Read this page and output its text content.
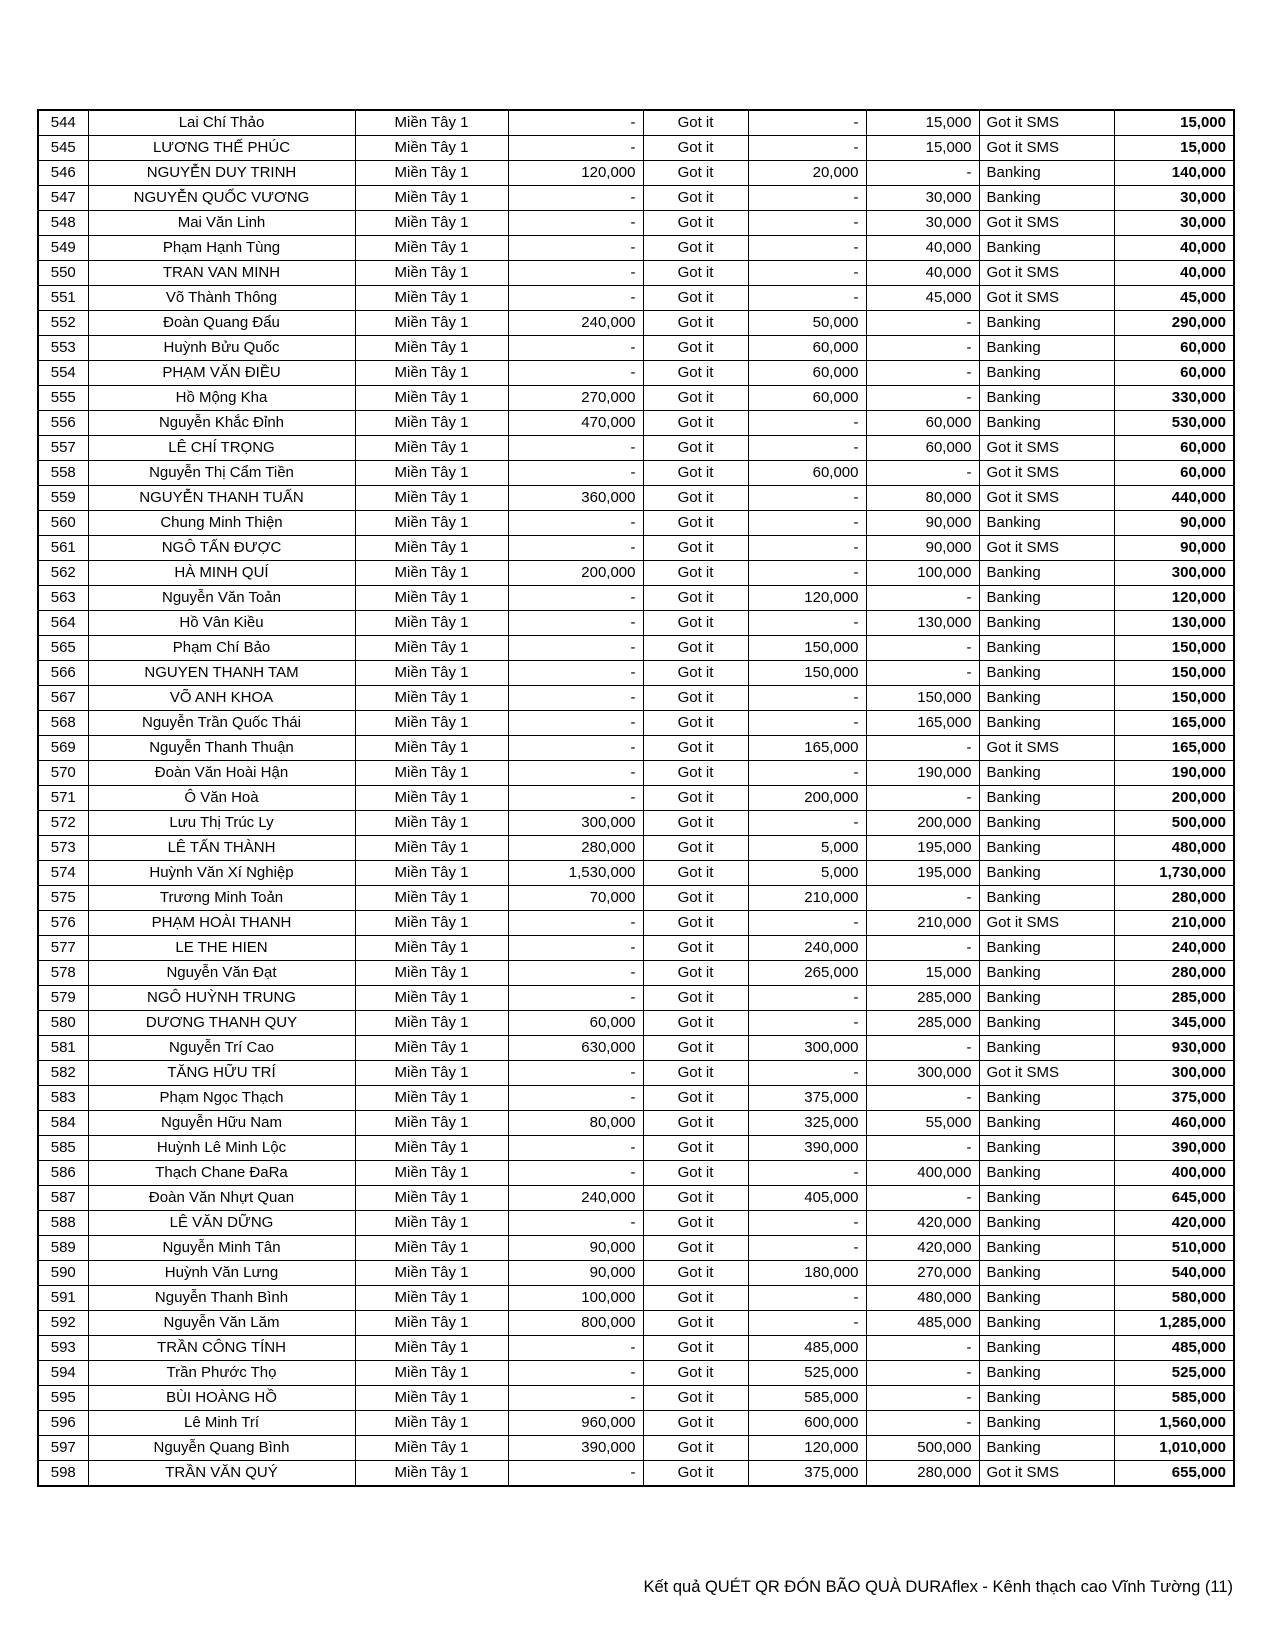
544	Lai Chí Thảo	Miền Tây 1	-	Got it	-	15,000	Got it SMS	15,000
545	LƯƠNG THẾ PHÚC	Miền Tây 1	-	Got it	-	15,000	Got it SMS	15,000
546	NGUYỄN DUY TRINH	Miền Tây 1	120,000	Got it	20,000	-	Banking	140,000
547	NGUYỄN QUỐC VƯƠNG	Miền Tây 1	-	Got it	-	30,000	Banking	30,000
548	Mai Văn Linh	Miền Tây 1	-	Got it	-	30,000	Got it SMS	30,000
549	Phạm Hạnh Tùng	Miền Tây 1	-	Got it	-	40,000	Banking	40,000
550	TRAN VAN MINH	Miền Tây 1	-	Got it	-	40,000	Got it SMS	40,000
551	Võ Thành Thông	Miền Tây 1	-	Got it	-	45,000	Got it SMS	45,000
552	Đoàn Quang Đẩu	Miền Tây 1	240,000	Got it	50,000	-	Banking	290,000
553	Huỳnh Bửu Quốc	Miền Tây 1	-	Got it	60,000	-	Banking	60,000
554	PHẠM VĂN ĐIỀU	Miền Tây 1	-	Got it	60,000	-	Banking	60,000
555	Hồ Mộng Kha	Miền Tây 1	270,000	Got it	60,000	-	Banking	330,000
556	Nguyễn Khắc Đỉnh	Miền Tây 1	470,000	Got it	-	60,000	Banking	530,000
557	LÊ CHÍ TRỌNG	Miền Tây 1	-	Got it	-	60,000	Got it SMS	60,000
558	Nguyễn Thị Cẩm Tiền	Miền Tây 1	-	Got it	60,000	-	Got it SMS	60,000
559	NGUYỄN THANH TUẤN	Miền Tây 1	360,000	Got it	-	80,000	Got it SMS	440,000
560	Chung Minh Thiện	Miền Tây 1	-	Got it	-	90,000	Banking	90,000
561	NGÔ TẤN ĐƯỢC	Miền Tây 1	-	Got it	-	90,000	Got it SMS	90,000
562	HÀ MINH QUÍ	Miền Tây 1	200,000	Got it	-	100,000	Banking	300,000
563	Nguyễn Văn Toản	Miền Tây 1	-	Got it	120,000	-	Banking	120,000
564	Hồ Vân Kiều	Miền Tây 1	-	Got it	-	130,000	Banking	130,000
565	Phạm Chí Bảo	Miền Tây 1	-	Got it	150,000	-	Banking	150,000
566	NGUYEN THANH TAM	Miền Tây 1	-	Got it	150,000	-	Banking	150,000
567	VÕ ANH KHOA	Miền Tây 1	-	Got it	-	150,000	Banking	150,000
568	Nguyễn Trần Quốc Thái	Miền Tây 1	-	Got it	-	165,000	Banking	165,000
569	Nguyễn Thanh Thuận	Miền Tây 1	-	Got it	165,000	-	Got it SMS	165,000
570	Đoàn Văn Hoài Hận	Miền Tây 1	-	Got it	-	190,000	Banking	190,000
571	Ô Văn Hoà	Miền Tây 1	-	Got it	200,000	-	Banking	200,000
572	Lưu Thị Trúc Ly	Miền Tây 1	300,000	Got it	-	200,000	Banking	500,000
573	LÊ TẤN THÀNH	Miền Tây 1	280,000	Got it	5,000	195,000	Banking	480,000
574	Huỳnh Văn Xí Nghiệp	Miền Tây 1	1,530,000	Got it	5,000	195,000	Banking	1,730,000
575	Trương Minh Toản	Miền Tây 1	70,000	Got it	210,000	-	Banking	280,000
576	PHẠM HOÀI THANH	Miền Tây 1	-	Got it	-	210,000	Got it SMS	210,000
577	LE THE HIEN	Miền Tây 1	-	Got it	240,000	-	Banking	240,000
578	Nguyễn Văn Đạt	Miền Tây 1	-	Got it	265,000	15,000	Banking	280,000
579	NGÔ HUỲNH TRUNG	Miền Tây 1	-	Got it	-	285,000	Banking	285,000
580	DƯƠNG THANH QUY	Miền Tây 1	60,000	Got it	-	285,000	Banking	345,000
581	Nguyễn Trí Cao	Miền Tây 1	630,000	Got it	300,000	-	Banking	930,000
582	TĂNG HỮU TRÍ	Miền Tây 1	-	Got it	-	300,000	Got it SMS	300,000
583	Phạm Ngọc Thạch	Miền Tây 1	-	Got it	375,000	-	Banking	375,000
584	Nguyễn Hữu Nam	Miền Tây 1	80,000	Got it	325,000	55,000	Banking	460,000
585	Huỳnh Lê Minh Lộc	Miền Tây 1	-	Got it	390,000	-	Banking	390,000
586	Thạch Chane ĐaRa	Miền Tây 1	-	Got it	-	400,000	Banking	400,000
587	Đoàn Văn Nhựt Quan	Miền Tây 1	240,000	Got it	405,000	-	Banking	645,000
588	LÊ VĂN DỮNG	Miền Tây 1	-	Got it	-	420,000	Banking	420,000
589	Nguyễn Minh Tân	Miền Tây 1	90,000	Got it	-	420,000	Banking	510,000
590	Huỳnh Văn Lưng	Miền Tây 1	90,000	Got it	180,000	270,000	Banking	540,000
591	Nguyễn Thanh Bình	Miền Tây 1	100,000	Got it	-	480,000	Banking	580,000
592	Nguyễn Văn Lăm	Miền Tây 1	800,000	Got it	-	485,000	Banking	1,285,000
593	TRẦN CÔNG TÍNH	Miền Tây 1	-	Got it	485,000	-	Banking	485,000
594	Trần Phước Thọ	Miền Tây 1	-	Got it	525,000	-	Banking	525,000
595	BÙI HOÀNG HỒ	Miền Tây 1	-	Got it	585,000	-	Banking	585,000
596	Lê Minh Trí	Miền Tây 1	960,000	Got it	600,000	-	Banking	1,560,000
597	Nguyễn Quang Bình	Miền Tây 1	390,000	Got it	120,000	500,000	Banking	1,010,000
598	TRẦN VĂN QUÝ	Miền Tây 1	-	Got it	375,000	280,000	Got it SMS	655,000
Kết quả QUÉT QR ĐÓN BÃO QUÀ DURAflex - Kênh thạch cao Vĩnh Tường (11)
